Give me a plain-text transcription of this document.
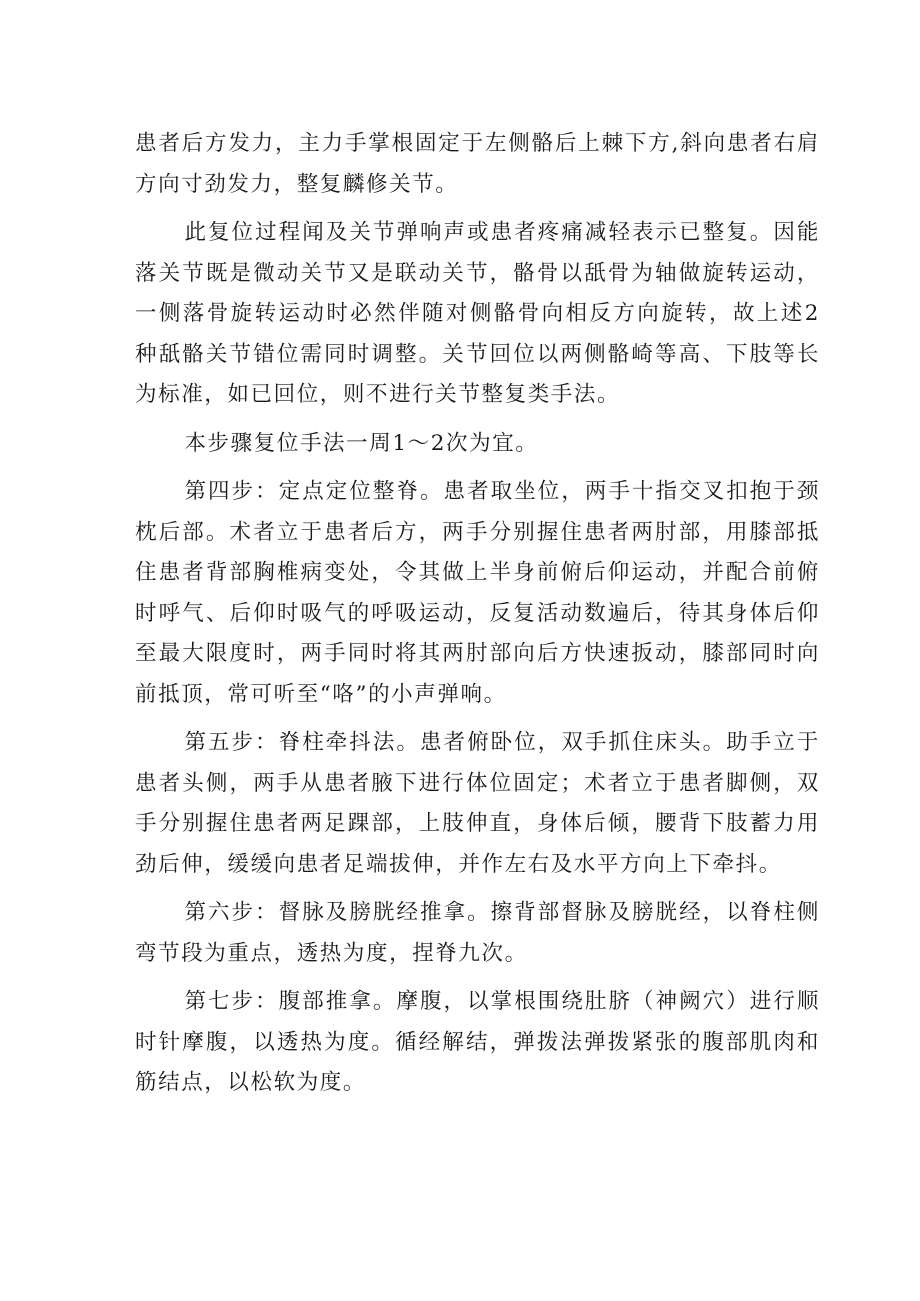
患者后方发力，主力手掌根固定于左侧骼后上棘下方,斜向患者右肩方向寸劲发力，整复麟修关节。

此复位过程闻及关节弹响声或患者疼痛减轻表示已整复。因能落关节既是微动关节又是联动关节，骼骨以舐骨为轴做旋转运动，一侧落骨旋转运动时必然伴随对侧骼骨向相反方向旋转，故上述2种舐骼关节错位需同时调整。关节回位以两侧骼崎等高、下肢等长为标准，如已回位，则不进行关节整复类手法。

本步骤复位手法一周1～2次为宜。

第四步：定点定位整脊。患者取坐位，两手十指交叉扣抱于颈枕后部。术者立于患者后方，两手分别握住患者两肘部，用膝部抵住患者背部胸椎病变处，令其做上半身前俯后仰运动，并配合前俯时呼气、后仰时吸气的呼吸运动，反复活动数遍后，待其身体后仰至最大限度时，两手同时将其两肘部向后方快速扳动，膝部同时向前抵顶，常可听至“咯”的小声弹响。

第五步：脊柱牵抖法。患者俯卧位，双手抓住床头。助手立于患者头侧，两手从患者腋下进行体位固定；术者立于患者脚侧，双手分别握住患者两足踝部，上肢伸直，身体后倾，腰背下肢蓄力用劲后伸，缓缓向患者足端拔伸，并作左右及水平方向上下牵抖。

第六步：督脉及膀胱经推拿。擦背部督脉及膀胱经，以脊柱侧弯节段为重点，透热为度，捏脊九次。

第七步：腹部推拿。摩腹，以掌根围绕肚脐（神阙穴）进行顺时针摩腹，以透热为度。循经解结，弹拨法弹拨紧张的腹部肌肉和筋结点，以松软为度。
